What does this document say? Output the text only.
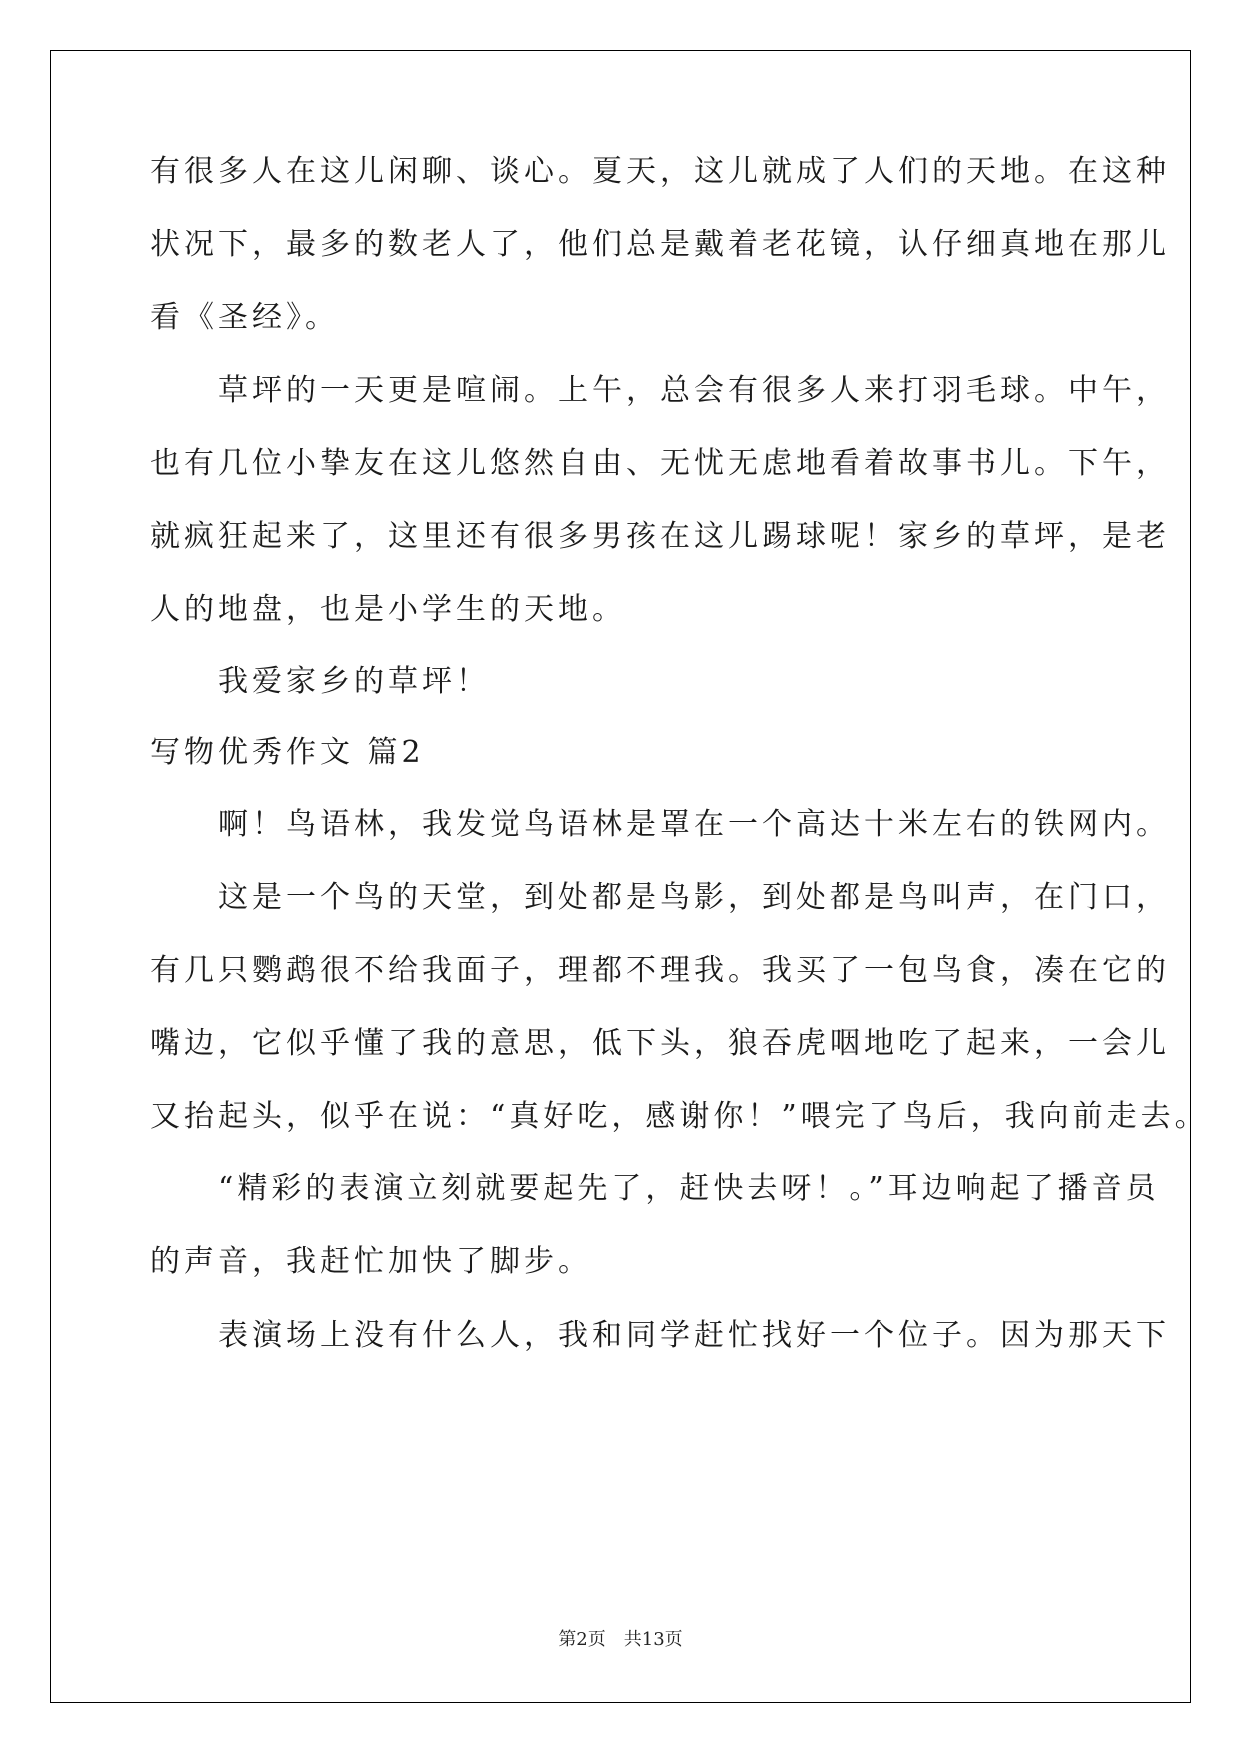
有很多人在这儿闲聊、谈心。夏天，这儿就成了人们的天地。在这种
状况下，最多的数老人了，他们总是戴着老花镜，认仔细真地在那儿
看《圣经》。
　　草坪的一天更是喧闹。上午，总会有很多人来打羽毛球。中午，
也有几位小挚友在这儿悠然自由、无忧无虑地看着故事书儿。下午，
就疯狂起来了，这里还有很多男孩在这儿踢球呢！家乡的草坪，是老
人的地盘，也是小学生的天地。
　　我爱家乡的草坪！
写物优秀作文 篇2
　　啊！鸟语林，我发觉鸟语林是罩在一个高达十米左右的铁网内。
　　这是一个鸟的天堂，到处都是鸟影，到处都是鸟叫声，在门口，
有几只鹦鹉很不给我面子，理都不理我。我买了一包鸟食，凑在它的
嘴边，它似乎懂了我的意思，低下头，狼吞虎咽地吃了起来，一会儿
又抬起头，似乎在说：“真好吃，感谢你！”喂完了鸟后，我向前走去。
　　“精彩的表演立刻就要起先了，赶快去呀！。”耳边响起了播音员
的声音，我赶忙加快了脚步。
　　表演场上没有什么人，我和同学赶忙找好一个位子。因为那天下
第2页　共13页
